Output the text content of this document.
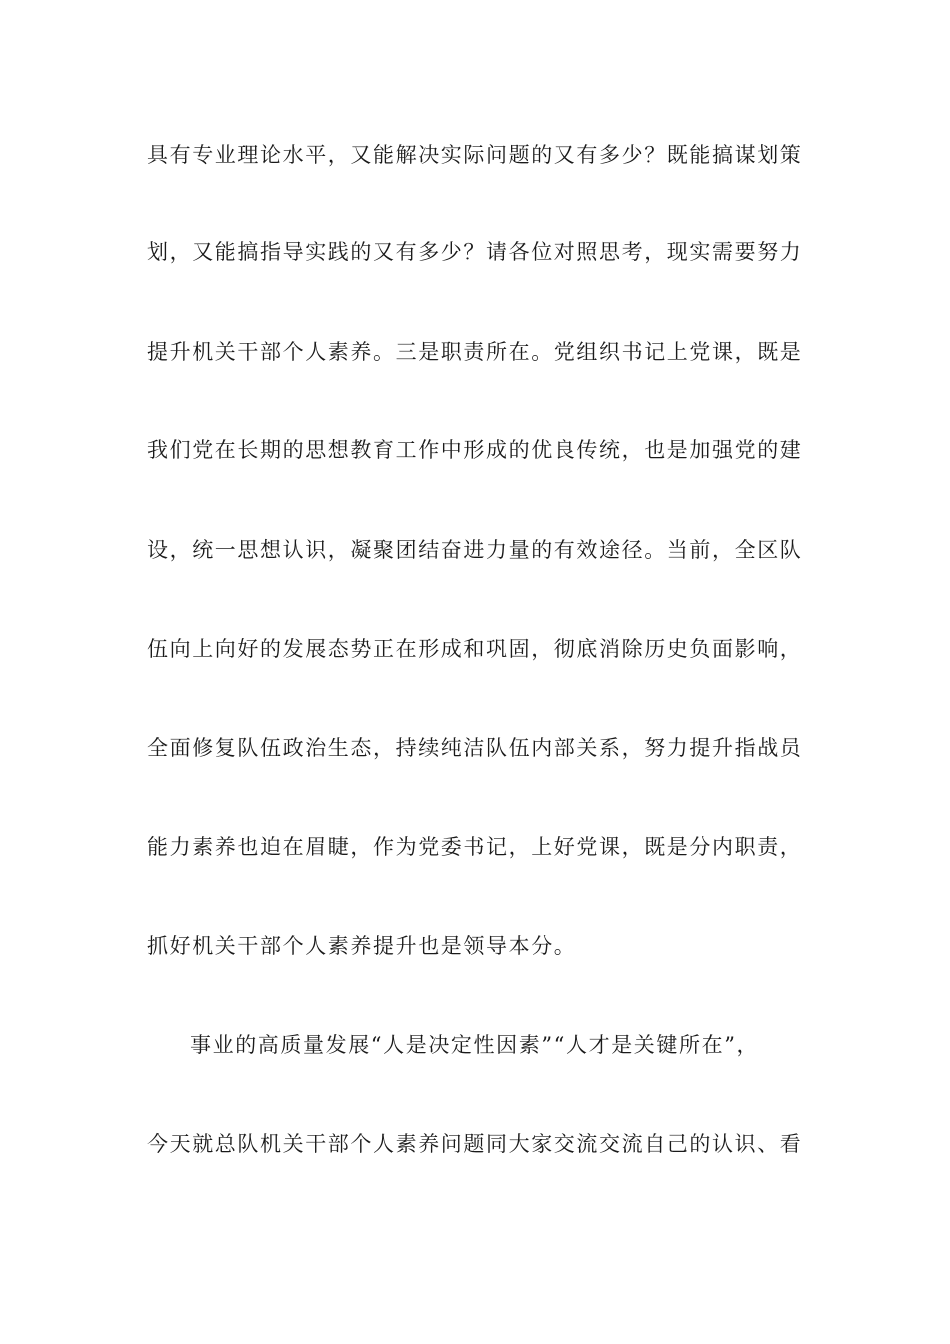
具有专业理论水平，又能解决实际问题的又有多少？既能搞谋划策

划，又能搞指导实践的又有多少？请各位对照思考，现实需要努力

提升机关干部个人素养。三是职责所在。党组织书记上党课，既是

我们党在长期的思想教育工作中形成的优良传统，也是加强党的建

设，统一思想认识，凝聚团结奋进力量的有效途径。当前，全区队

伍向上向好的发展态势正在形成和巩固，彻底消除历史负面影响，

全面修复队伍政治生态，持续纯洁队伍内部关系，努力提升指战员

能力素养也迫在眉睫，作为党委书记，上好党课，既是分内职责，

抓好机关干部个人素养提升也是领导本分。

事业的高质量发展“人是决定性因素”“人才是关键所在”，

今天就总队机关干部个人素养问题同大家交流交流自己的认识、看
